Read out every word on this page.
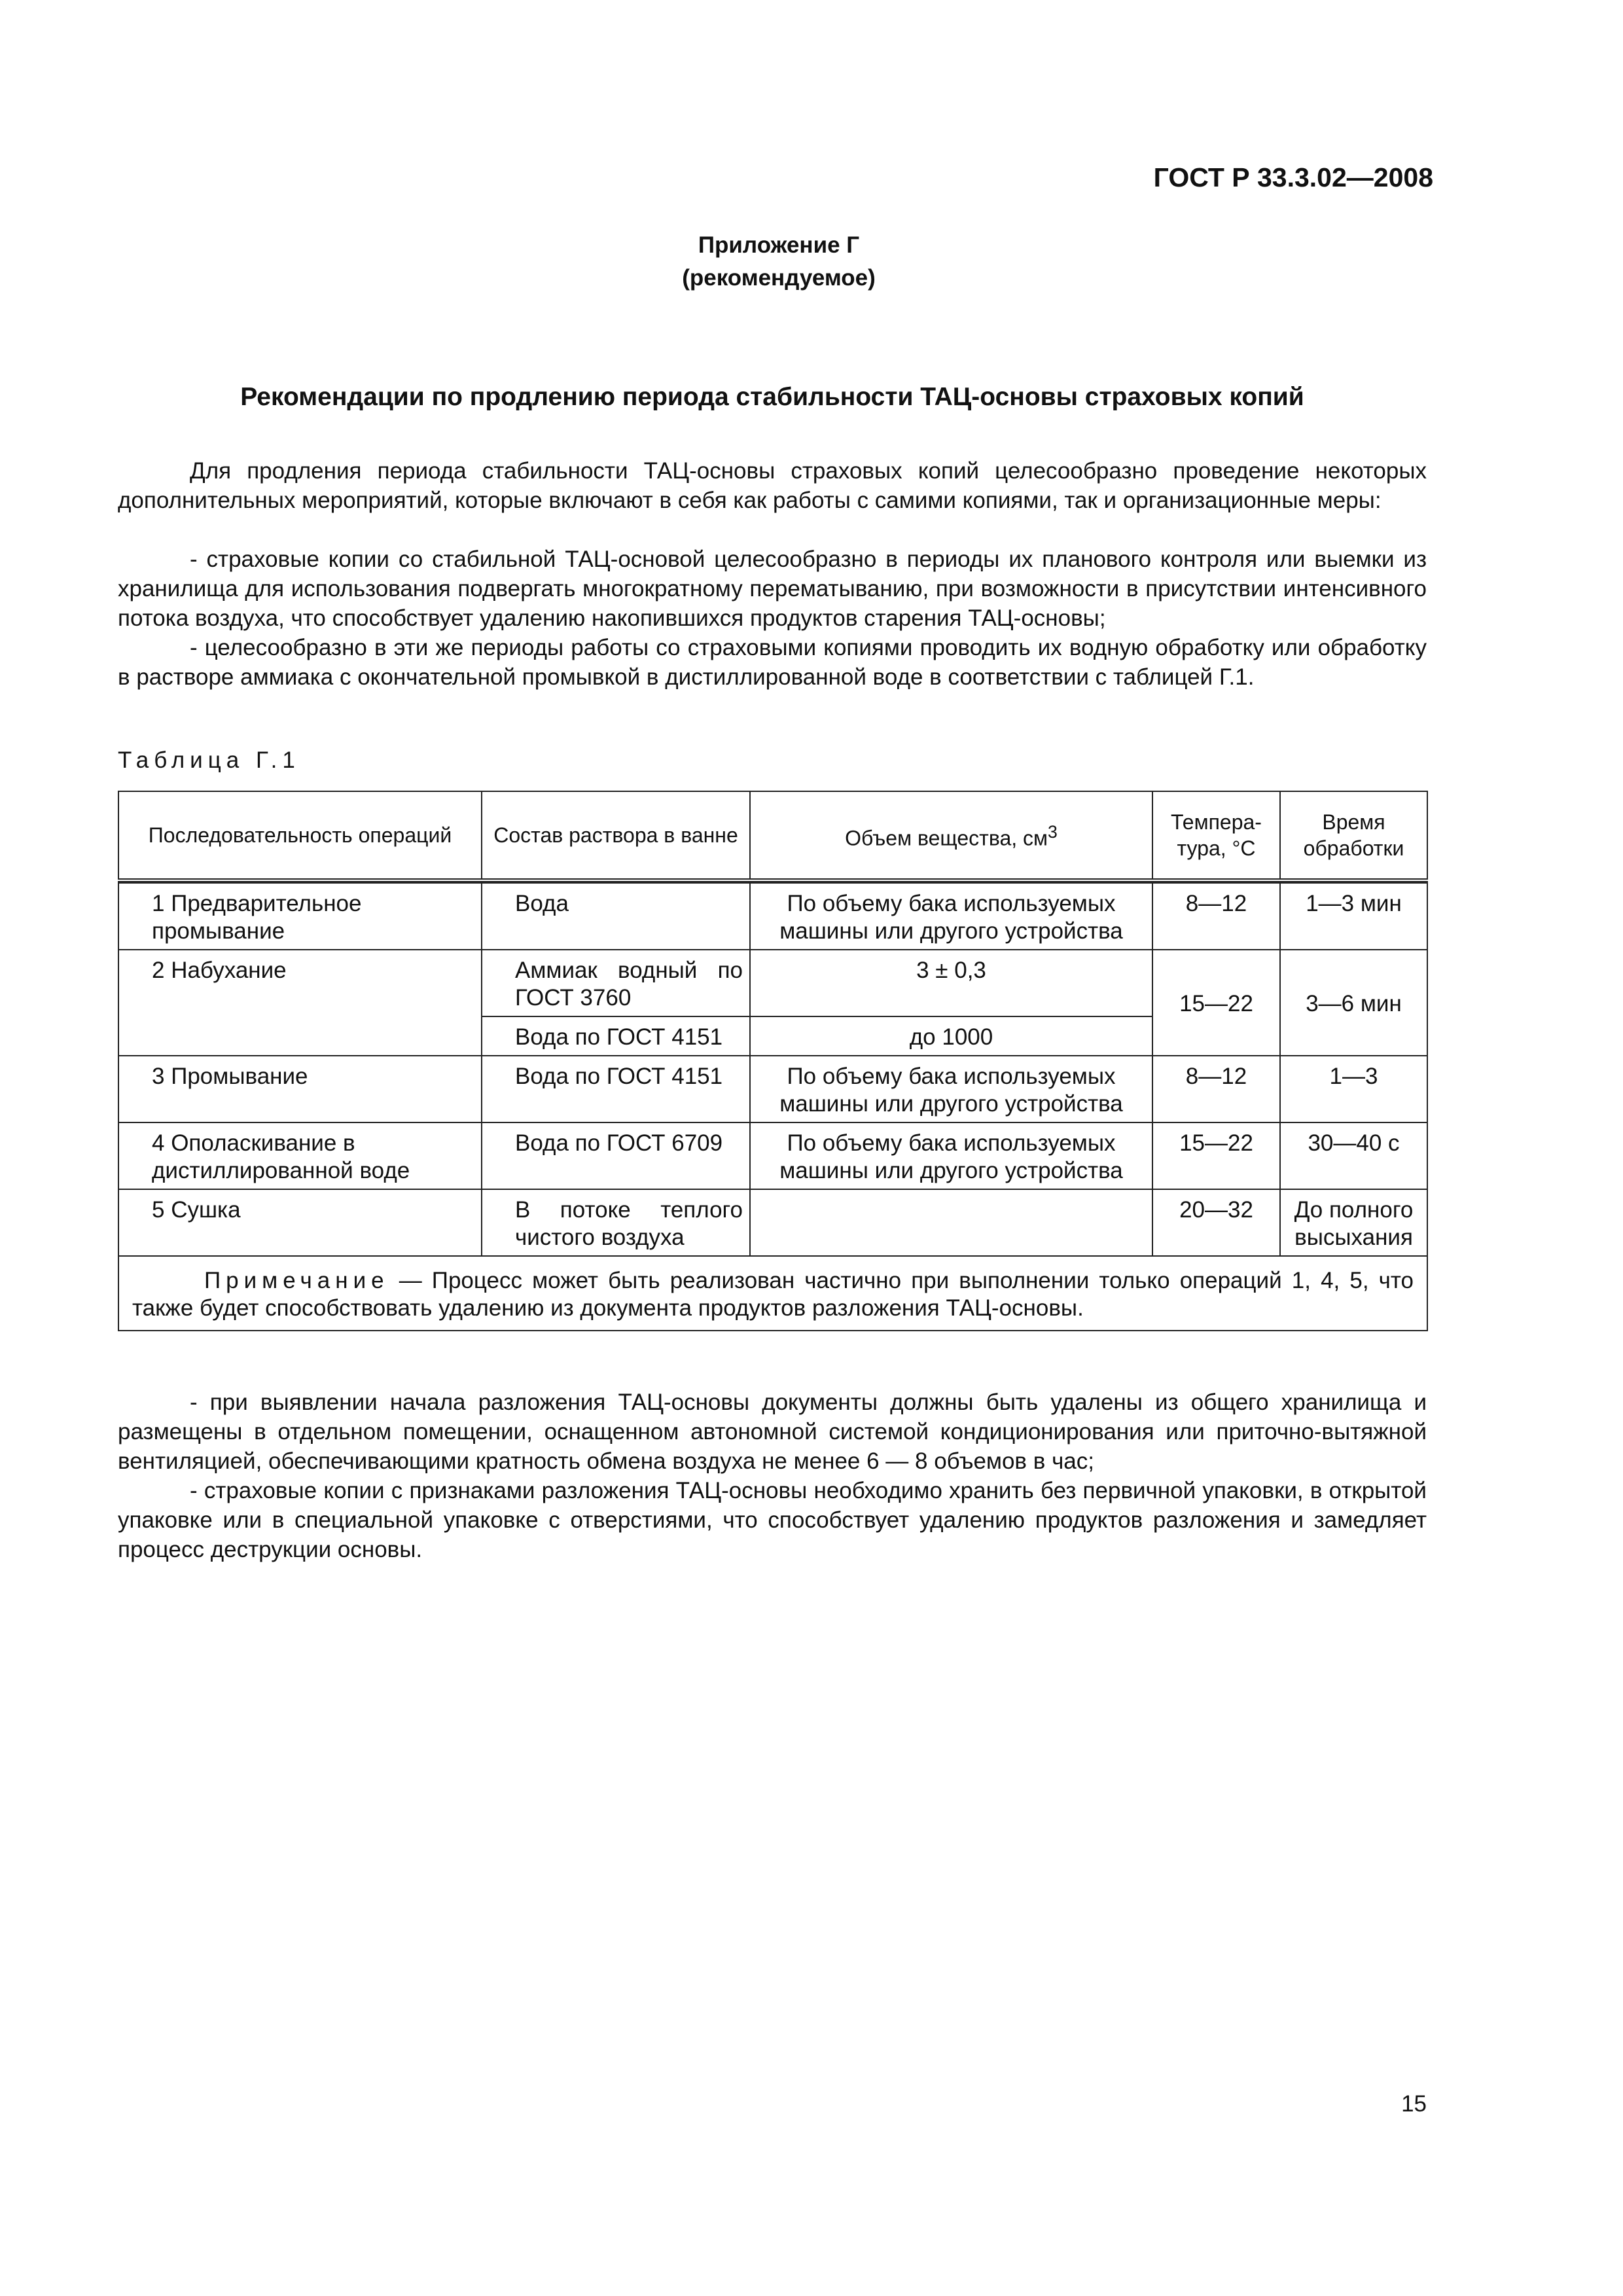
ГОСТ Р 33.3.02—2008
Приложение Г
(рекомендуемое)
Рекомендации по продлению периода стабильности ТАЦ-основы страховых копий
Для продления периода стабильности ТАЦ-основы страховых копий целесообразно проведение некоторых дополнительных мероприятий, которые включают в себя как работы с самими копиями, так и организационные меры:
- страховые копии со стабильной ТАЦ-основой целесообразно в периоды их планового контроля или выемки из хранилища для использования подвергать многократному перематыванию, при возможности в присутствии интенсивного потока воздуха, что способствует удалению накопившихся продуктов старения ТАЦ-основы;
- целесообразно в эти же периоды работы со страховыми копиями проводить их водную обработку или обработку в растворе аммиака с окончательной промывкой в дистиллированной воде в соответствии с таблицей Г.1.
Таблица Г.1
Последовательность операций	Состав раствора в ванне	Объем вещества, $см^3$	Темпера-тура, °С	Время обработки

1 Предварительное промывание	Вода	По объему бака используемых машины или другого устройства	8—12	1—3 мин
2 Набухание	Аммиак водный по ГОСТ 3760	3 ± 0,3	15—22	3—6 мин
	Вода по ГОСТ 4151	до 1000		
3 Промывание	Вода по ГОСТ 4151	По объему бака используемых машины или другого устройства	8—12	1—3
4 Ополаскивание в дистиллированной воде	Вода по ГОСТ 6709	По объему бака используемых машины или другого устройства	15—22	30—40 с
5 Сушка	В потоке теплого чистого воздуха		20—32	До полного высыхания
Примечание — Процесс может быть реализован частично при выполнении только операций 1, 4, 5, что также будет способствовать удалению из документа продуктов разложения ТАЦ-основы.				
- при выявлении начала разложения ТАЦ-основы документы должны быть удалены из общего хранилища и размещены в отдельном помещении, оснащенном автономной системой кондиционирования или приточно-вытяжной вентиляцией, обеспечивающими кратность обмена воздуха не менее 6 — 8 объемов в час;
- страховые копии с признаками разложения ТАЦ-основы необходимо хранить без первичной упаковки, в открытой упаковке или в специальной упаковке с отверстиями, что способствует удалению продуктов разложения и замедляет процесс деструкции основы.
15
